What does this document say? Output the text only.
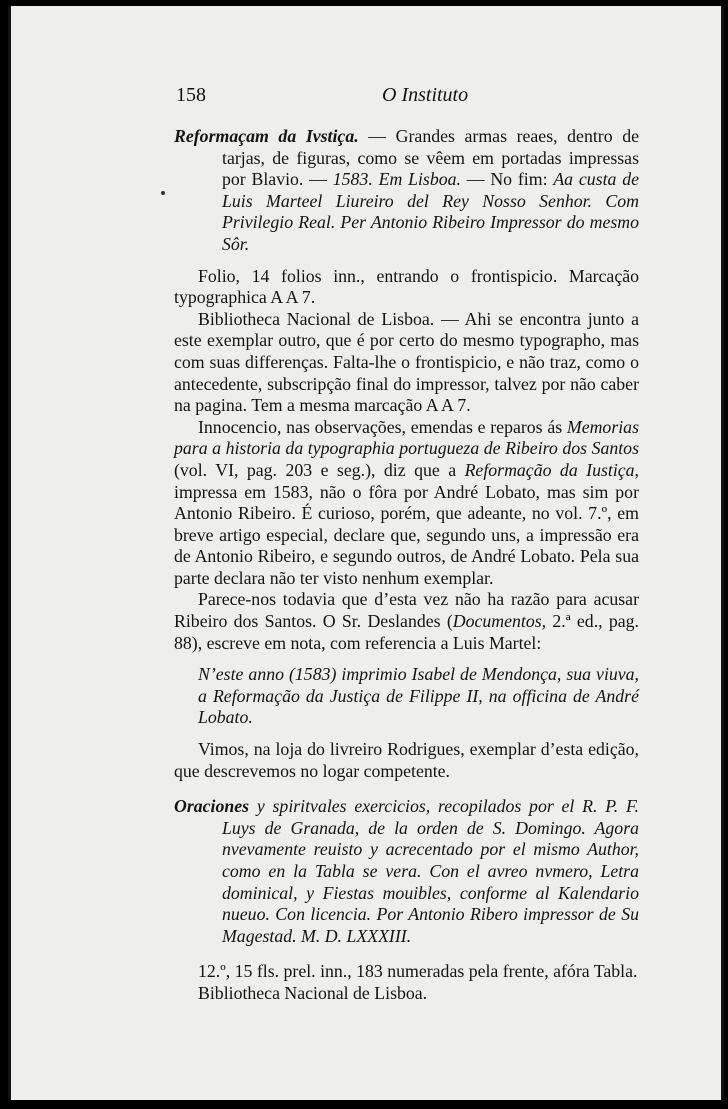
158	O Instituto

Reformaçam da Ivstiça. — Grandes armas reaes, dentro de tarjas, de figuras, como se vêem em portadas impressas por Blavio. — 1583. Em Lisboa. — No fim: Aa custa de Luis Marteel Liureiro del Rey Nosso Senhor. Com Privilegio Real. Per Antonio Ribeiro Impressor do mesmo Sôr.

Folio, 14 folios inn., entrando o frontispicio. Marcação typographica A A 7.

Bibliotheca Nacional de Lisboa. — Ahi se encontra junto a este exemplar outro, que é por certo do mesmo typographo, mas com suas differenças. Falta-lhe o frontispicio, e não traz, como o antecedente, subscripção final do impressor, talvez por não caber na pagina. Tem a mesma marcação A A 7.

Innocencio, nas observações, emendas e reparos ás Memorias para a historia da typographia portugueza de Ribeiro dos Santos (vol. VI, pag. 203 e seg.), diz que a Reformação da Iustiça, impressa em 1583, não o fôra por André Lobato, mas sim por Antonio Ribeiro. É curioso, porém, que adeante, no vol. 7.º, em breve artigo especial, declare que, segundo uns, a impressão era de Antonio Ribeiro, e segundo outros, de André Lobato. Pela sua parte declara não ter visto nenhum exemplar.

Parece-nos todavia que d’esta vez não ha razão para acusar Ribeiro dos Santos. O Sr. Deslandes (Documentos, 2.ª ed., pag. 88), escreve em nota, com referencia a Luis Martel:

N’este anno (1583) imprimio Isabel de Mendonça, sua viuva, a Reformação da Justiça de Filippe II, na officina de André Lobato.

Vimos, na loja do livreiro Rodrigues, exemplar d’esta edição, que descrevemos no logar competente.

Oraciones y spiritvales exercicios, recopilados por el R. P. F. Luys de Granada, de la orden de S. Domingo. Agora nvevamente reuisto y acrecentado por el mismo Author, como en la Tabla se vera. Con el avreo nvmero, Letra dominical, y Fiestas mouibles, conforme al Kalendario nueuo. Con licencia. Por Antonio Ribero impressor de Su Magestad. M. D. LXXXIII.

12.º, 15 fls. prel. inn., 183 numeradas pela frente, afóra Tabla.

Bibliotheca Nacional de Lisboa.
